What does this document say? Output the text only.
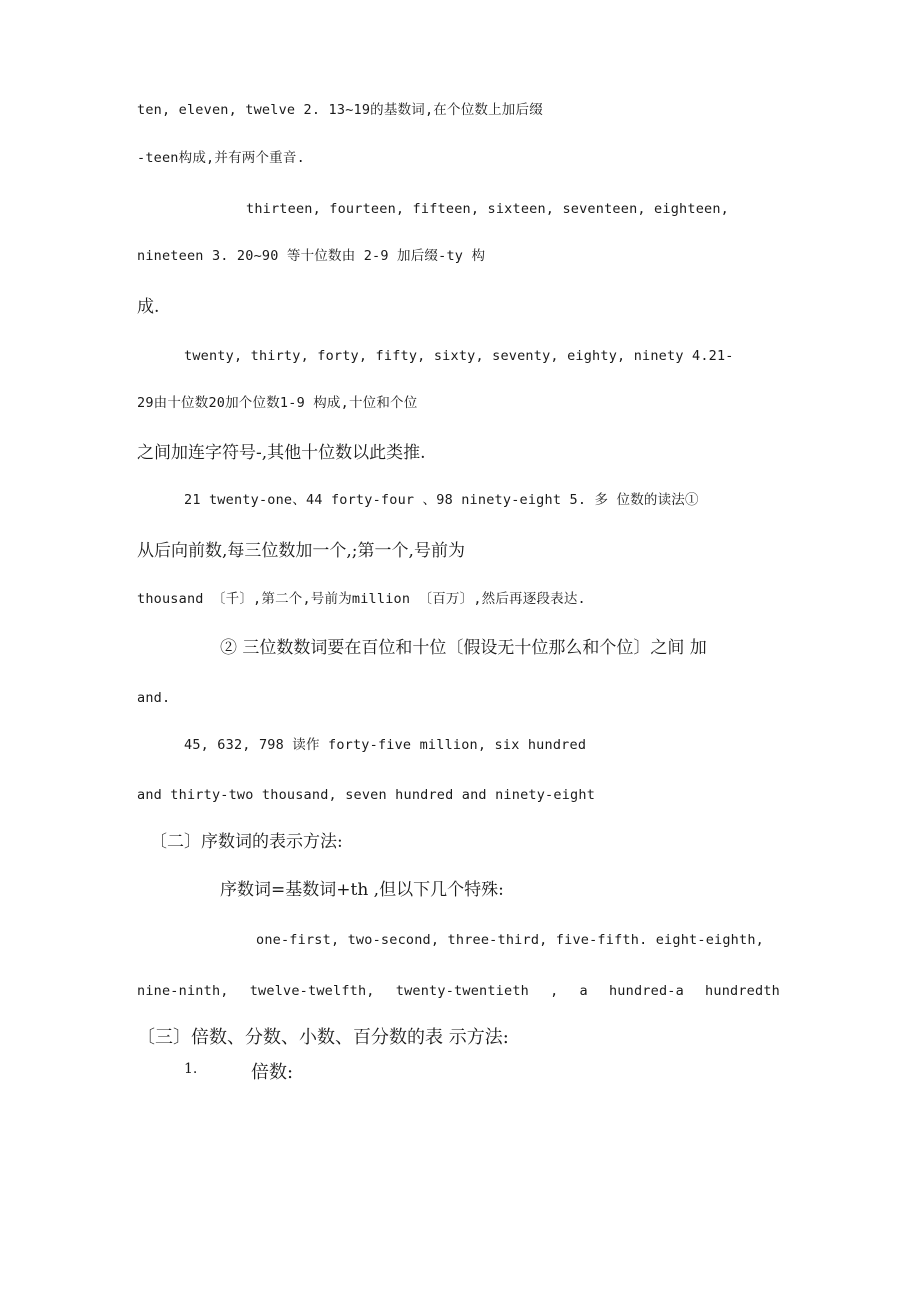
ten, eleven, twelve 2. 13~19的基数词,在个位数上加后缀
-teen构成,并有两个重音.
thirteen, fourteen, fifteen, sixteen, seventeen, eighteen,
nineteen 3. 20~90 等十位数由 2-9 加后缀-ty 构
成.
twenty, thirty, forty, fifty, sixty, seventy, eighty, ninety 4.21-
29由十位数20加个位数1-9 构成,十位和个位
之间加连字符号-,其他十位数以此类推.
21 twenty-one、44 forty-four 、98 ninety-eight 5. 多 位数的读法①
从后向前数,每三位数加一个,;第一个,号前为
thousand 〔千〕,第二个,号前为million 〔百万〕,然后再逐段表达.
② 三位数数词要在百位和十位〔假设无十位那么和个位〕之间 加
and.
45, 632, 798 读作 forty-five million, six hundred
and thirty-two thousand, seven hundred and ninety-eight
〔二〕序数词的表示方法:
序数词=基数词+th ,但以下几个特殊:
one-first, two-second, three-third, five-fifth. eight-eighth,
nine-ninth, twelve-twelfth, twenty-twentieth , a hundred-a hundredth
〔三〕倍数、分数、小数、百分数的表 示方法:
1.	倍数:
